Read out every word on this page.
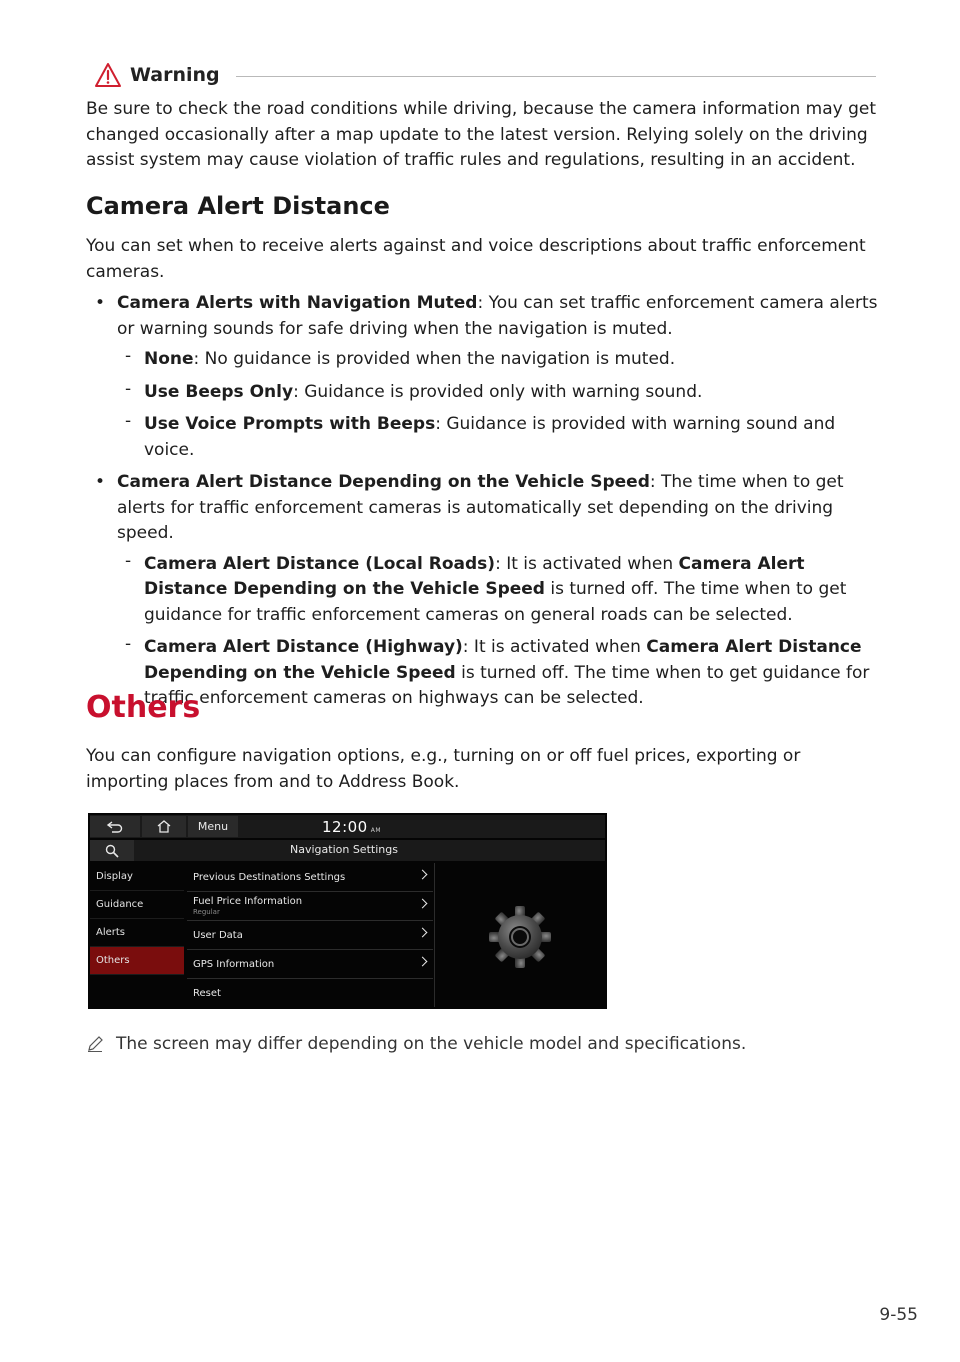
Warning
Be sure to check the road conditions while driving, because the camera information may get changed occasionally after a map update to the latest version. Relying solely on the driving assist system may cause violation of traffic rules and regulations, resulting in an accident.
Camera Alert Distance
You can set when to receive alerts against and voice descriptions about traffic enforcement cameras.
• Camera Alerts with Navigation Muted: You can set traffic enforcement camera alerts or warning sounds for safe driving when the navigation is muted.
- None: No guidance is provided when the navigation is muted.
- Use Beeps Only: Guidance is provided only with warning sound.
- Use Voice Prompts with Beeps: Guidance is provided with warning sound and voice.
• Camera Alert Distance Depending on the Vehicle Speed: The time when to get alerts for traffic enforcement cameras is automatically set depending on the driving speed.
- Camera Alert Distance (Local Roads): It is activated when Camera Alert Distance Depending on the Vehicle Speed is turned off. The time when to get guidance for traffic enforcement cameras on general roads can be selected.
- Camera Alert Distance (Highway): It is activated when Camera Alert Distance Depending on the Vehicle Speed is turned off. The time when to get guidance for traffic enforcement cameras on highways can be selected.
Others
You can configure navigation options, e.g., turning on or off fuel prices, exporting or importing places from and to Address Book.
The screen may differ depending on the vehicle model and specifications.
Menu	12:00 AM
Navigation Settings
Display
Guidance
Alerts
Others
Previous Destinations Settings
Fuel Price Information
Regular
User Data
GPS Information
Reset
9-55
